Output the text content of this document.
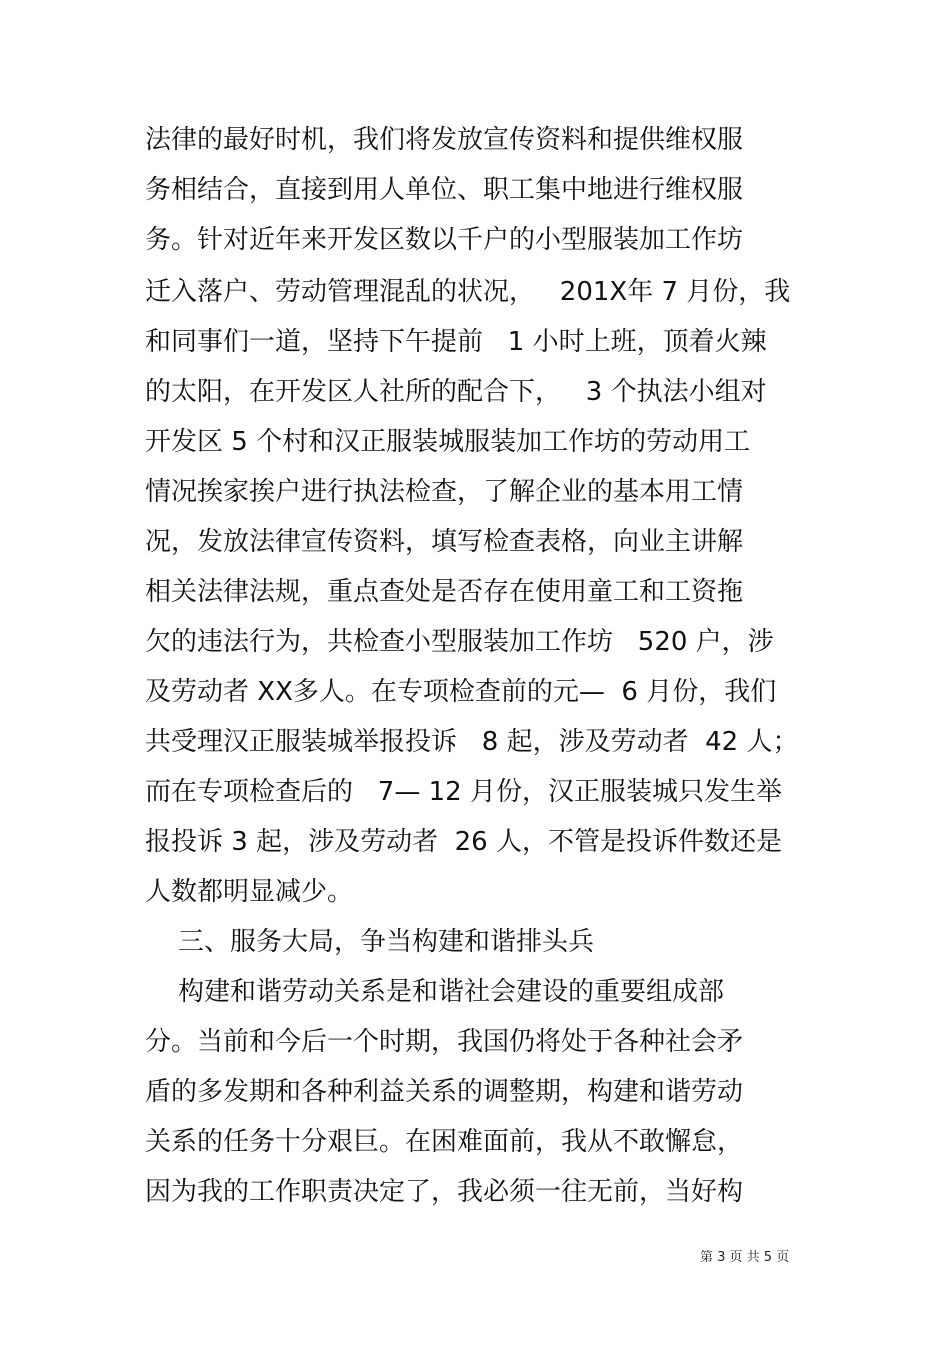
法律的最好时机，我们将发放宣传资料和提供维权服
务相结合，直接到用人单位、职工集中地进行维权服
务。针对近年来开发区数以千户的小型服装加工作坊
迁入落户、劳动管理混乱的状况，   201X年 7 月份，我
和同事们一道，坚持下午提前   1 小时上班，顶着火辣
的太阳，在开发区人社所的配合下，   3 个执法小组对
开发区 5 个村和汉正服装城服装加工作坊的劳动用工
情况挨家挨户进行执法检查，了解企业的基本用工情
况，发放法律宣传资料，填写检查表格，向业主讲解
相关法律法规，重点查处是否存在使用童工和工资拖
欠的违法行为，共检查小型服装加工作坊   520 户，涉
及劳动者 XX多人。在专项检查前的元—  6 月份，我们
共受理汉正服装城举报投诉   8 起，涉及劳动者  42 人；
而在专项检查后的   7— 12 月份，汉正服装城只发生举
报投诉 3 起，涉及劳动者  26 人，不管是投诉件数还是
人数都明显减少。
三、服务大局，争当构建和谐排头兵
构建和谐劳动关系是和谐社会建设的重要组成部
分。当前和今后一个时期，我国仍将处于各种社会矛
盾的多发期和各种利益关系的调整期，构建和谐劳动
关系的任务十分艰巨。在困难面前，我从不敢懈怠，
因为我的工作职责决定了，我必须一往无前，当好构
第 3 页 共 5 页
